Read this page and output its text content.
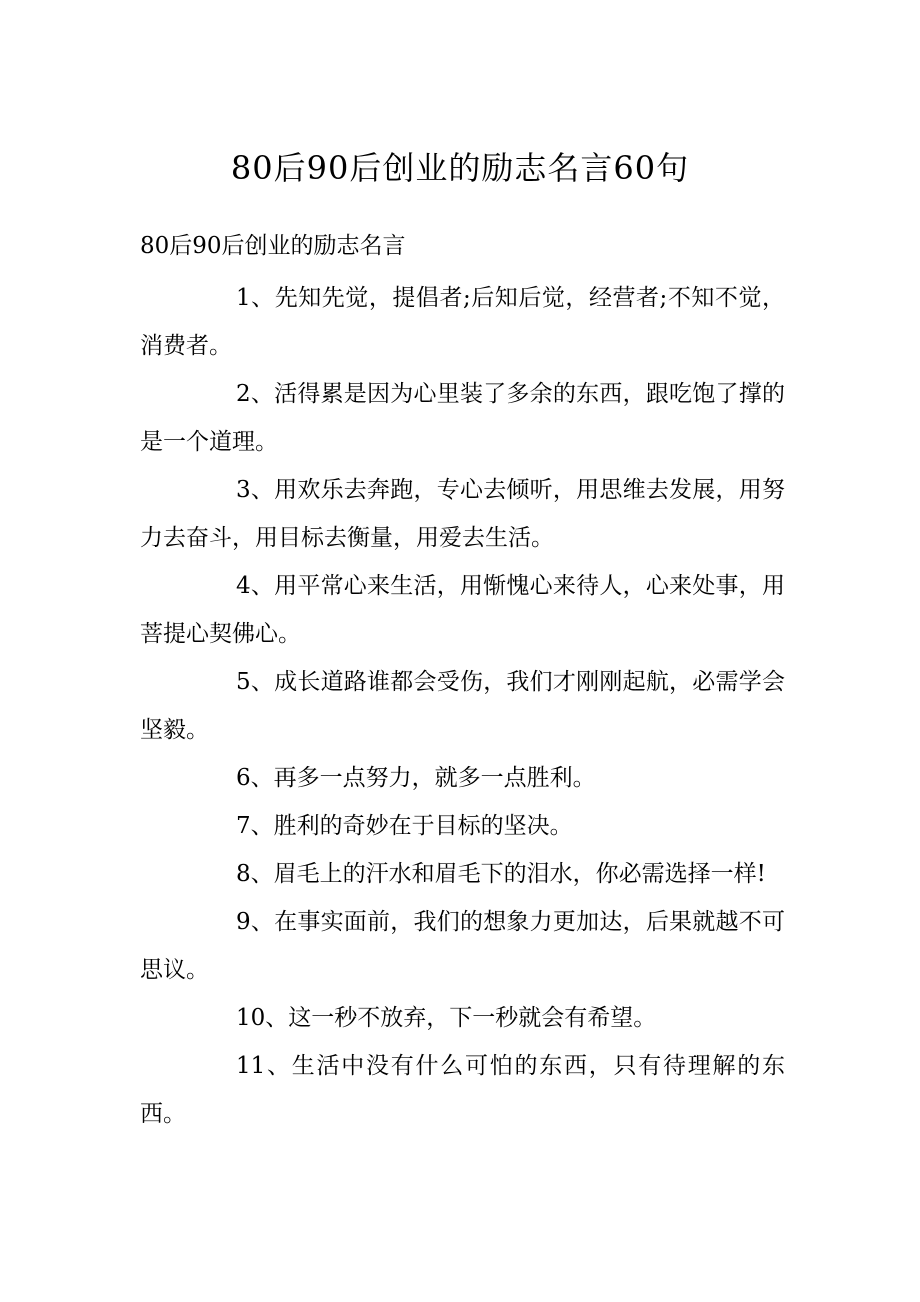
80后90后创业的励志名言60句

80后90后创业的励志名言

1、先知先觉，提倡者;后知后觉，经营者;不知不觉，消费者。
2、活得累是因为心里装了多余的东西，跟吃饱了撑的是一个道理。
3、用欢乐去奔跑，专心去倾听，用思维去发展，用努力去奋斗，用目标去衡量，用爱去生活。
4、用平常心来生活，用惭愧心来待人，心来处事，用菩提心契佛心。
5、成长道路谁都会受伤，我们才刚刚起航，必需学会坚毅。
6、再多一点努力，就多一点胜利。
7、胜利的奇妙在于目标的坚决。
8、眉毛上的汗水和眉毛下的泪水，你必需选择一样!
9、在事实面前，我们的想象力更加达，后果就越不可思议。
10、这一秒不放弃，下一秒就会有希望。
11、生活中没有什么可怕的东西，只有待理解的东西。
